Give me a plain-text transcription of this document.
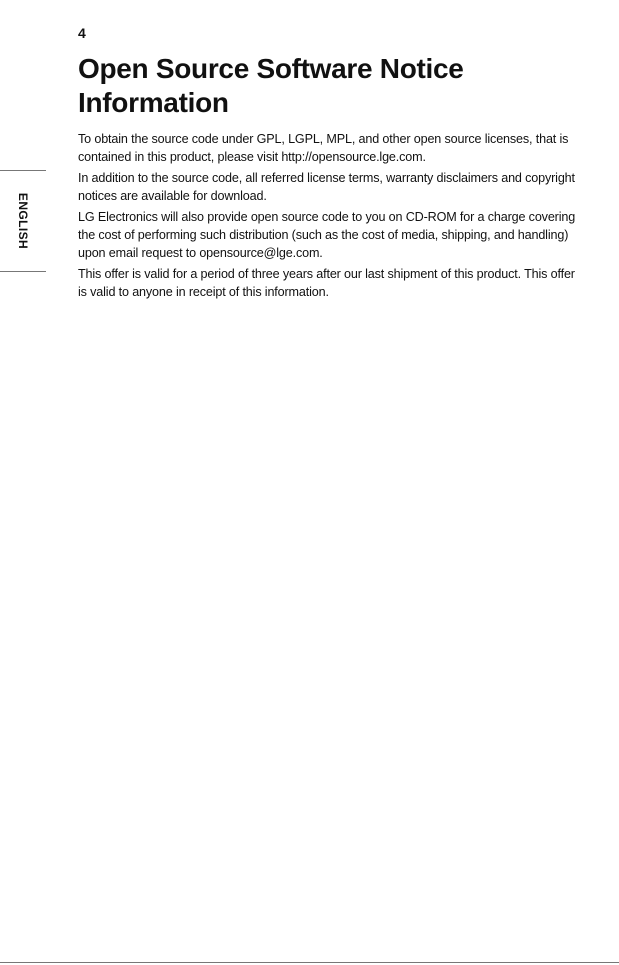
4
ENGLISH
Open Source Software Notice Information

To obtain the source code under GPL, LGPL, MPL, and other open source licenses, that is contained in this product, please visit http://opensource.lge.com.

In addition to the source code, all referred license terms, warranty disclaimers and copyright notices are available for download.

LG Electronics will also provide open source code to you on CD-ROM for a charge covering the cost of performing such distribution (such as the cost of media, shipping, and handling) upon email request to opensource@lge.com.

This offer is valid for a period of three years after our last shipment of this product. This offer is valid to anyone in receipt of this information.
